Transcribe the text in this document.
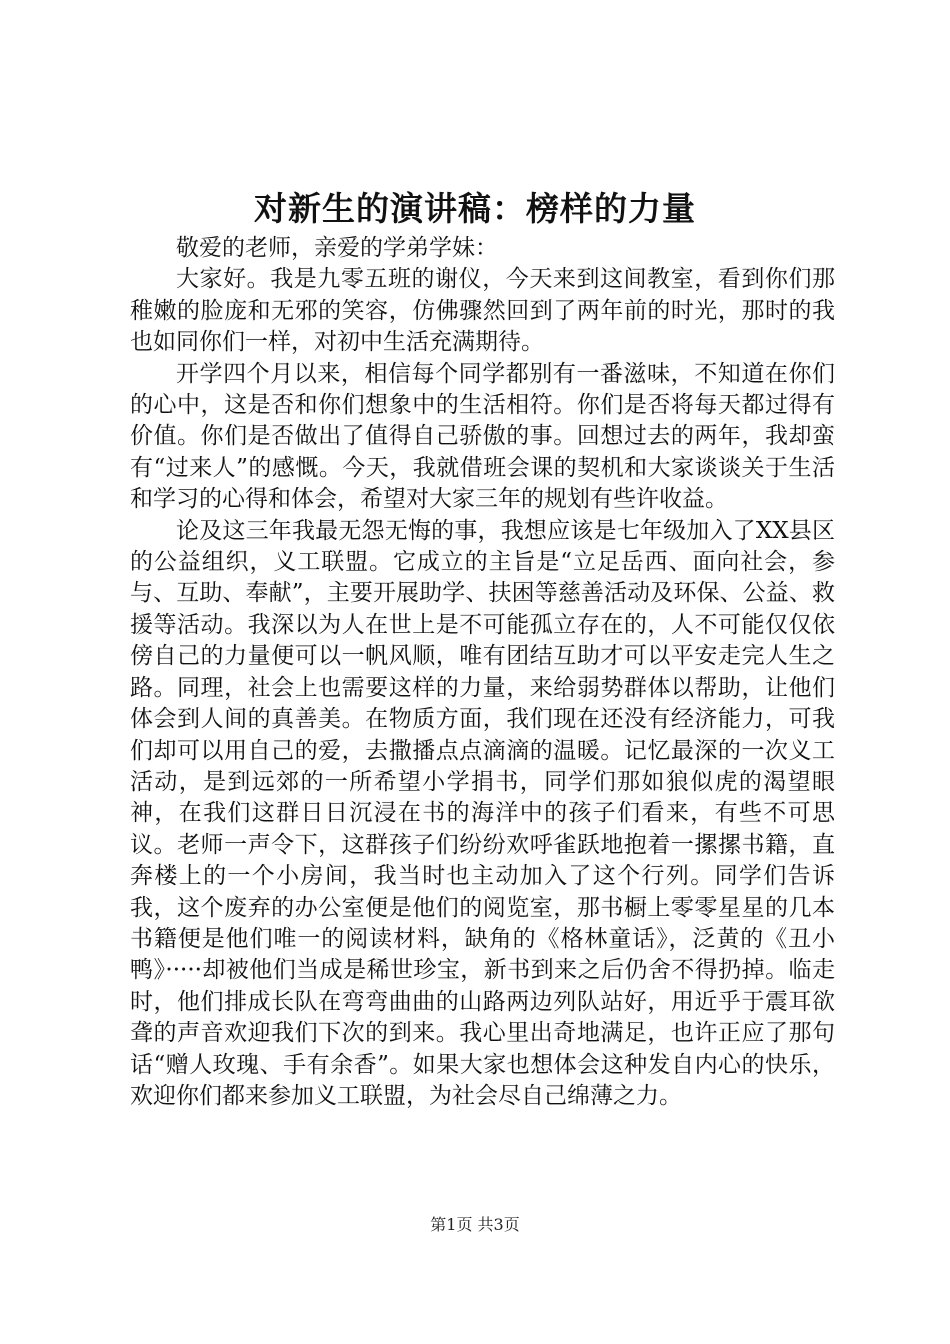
对新生的演讲稿：榜样的力量

敬爱的老师，亲爱的学弟学妹：

大家好。我是九零五班的谢仪，今天来到这间教室，看到你们那稚嫩的脸庞和无邪的笑容，仿佛骤然回到了两年前的时光，那时的我也如同你们一样，对初中生活充满期待。

开学四个月以来，相信每个同学都别有一番滋味，不知道在你们的心中，这是否和你们想象中的生活相符。你们是否将每天都过得有价值。你们是否做出了值得自己骄傲的事。回想过去的两年，我却蛮有“过来人”的感慨。今天，我就借班会课的契机和大家谈谈关于生活和学习的心得和体会，希望对大家三年的规划有些许收益。

论及这三年我最无怨无悔的事，我想应该是七年级加入了XX县区的公益组织，义工联盟。它成立的主旨是“立足岳西、面向社会，参与、互助、奉献”，主要开展助学、扶困等慈善活动及环保、公益、救援等活动。我深以为人在世上是不可能孤立存在的，人不可能仅仅依傍自己的力量便可以一帆风顺，唯有团结互助才可以平安走完人生之路。同理，社会上也需要这样的力量，来给弱势群体以帮助，让他们体会到人间的真善美。在物质方面，我们现在还没有经济能力，可我们却可以用自己的爱，去撒播点点滴滴的温暖。记忆最深的一次义工活动，是到远郊的一所希望小学捐书，同学们那如狼似虎的渴望眼神，在我们这群日日沉浸在书的海洋中的孩子们看来，有些不可思议。老师一声令下，这群孩子们纷纷欢呼雀跃地抱着一摞摞书籍，直奔楼上的一个小房间，我当时也主动加入了这个行列。同学们告诉我，这个废弃的办公室便是他们的阅览室，那书橱上零零星星的几本书籍便是他们唯一的阅读材料，缺角的《格林童话》，泛黄的《丑小鸭》·····却被他们当成是稀世珍宝，新书到来之后仍舍不得扔掉。临走时，他们排成长队在弯弯曲曲的山路两边列队站好，用近乎于震耳欲聋的声音欢迎我们下次的到来。我心里出奇地满足，也许正应了那句话“赠人玫瑰、手有余香”。如果大家也想体会这种发自内心的快乐，欢迎你们都来参加义工联盟，为社会尽自己绵薄之力。

第1页 共3页
